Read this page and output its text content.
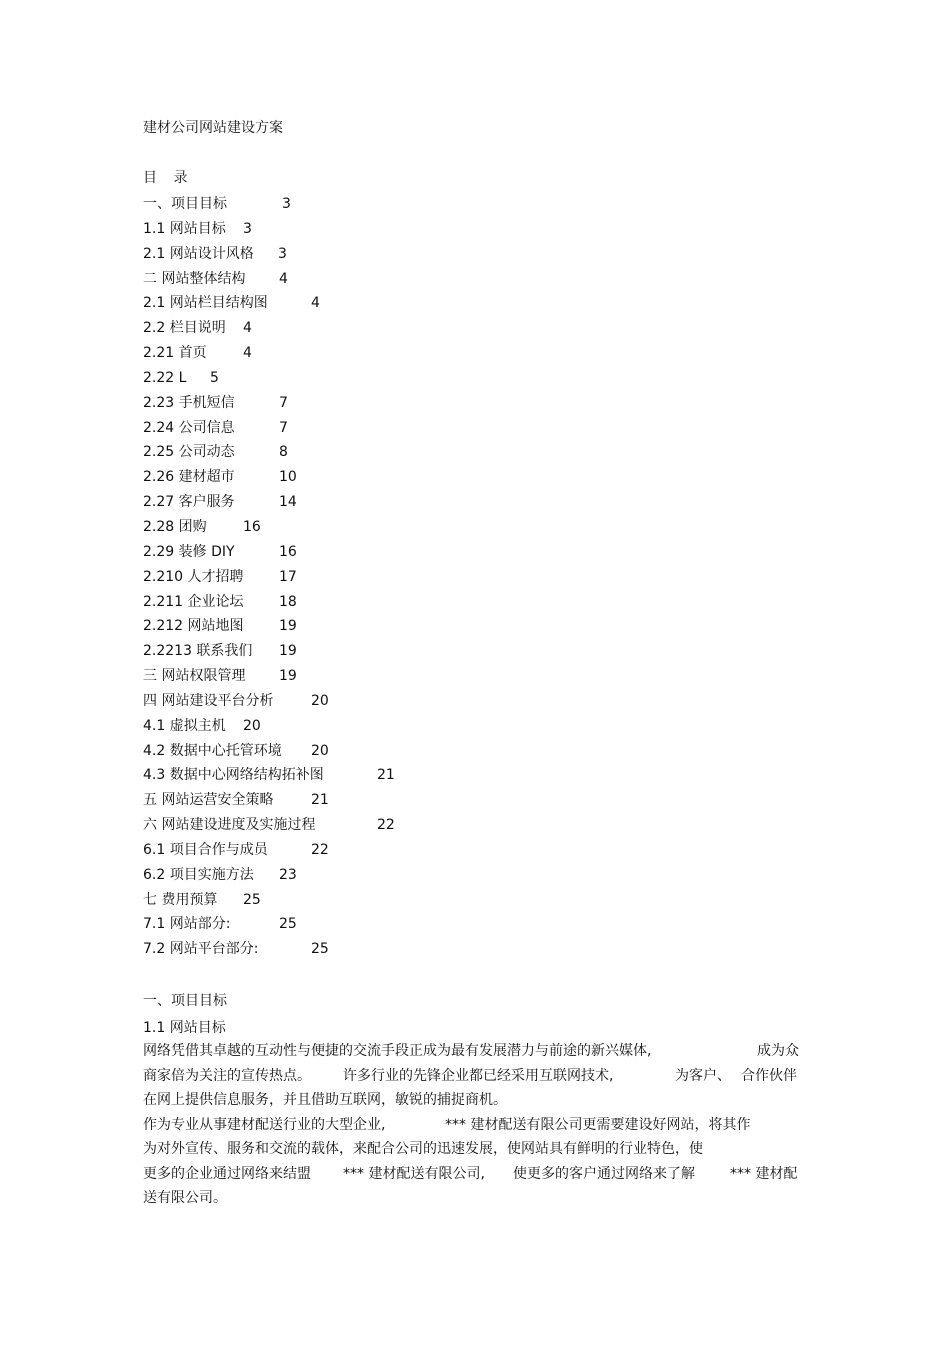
建材公司网站建设方案
目 录
一、项目目标	3
1.1 网站目标 3
2.1 网站设计风格 3
二 网站整体结构 4
2.1 网站栏目结构图	4
2.2 栏目说明 4
2.21 首页	4
2.22 L 5
2.23 手机短信	7
2.24 公司信息	7
2.25 公司动态	8
2.26 建材超市	10
2.27 客户服务	14
2.28 团购	16
2.29 装修 DIY	16
2.210 人才招聘	17
2.211 企业论坛	18
2.212 网站地图	19
2.2213 联系我们 19
三 网站权限管理 19
四 网站建设平台分析	20
4.1 虚拟主机 20
4.2 数据中心托管环境 20
4.3 数据中心网络结构拓补图	21
五 网站运营安全策略	21
六 网站建设进度及实施过程	22
6.1 项目合作与成员	22
6.2 项目实施方法 23
七 费用预算 25
7.1 网站部分:	25
7.2 网站平台部分:	25
一、项目目标
1.1 网站目标
网络凭借其卓越的互动性与便捷的交流手段正成为最有发展潜力与前途的新兴媒体,	成为众
商家倍为关注的宣传热点。 许多行业的先锋企业都已经采用互联网技术,	为客户、 合作伙伴
在网上提供信息服务，并且借助互联网，敏锐的捕捉商机。
作为专业从事建材配送行业的大型企业,	*** 建材配送有限公司更需要建设好网站，将其作
为对外宣传、服务和交流的载体，来配合公司的迅速发展，使网站具有鲜明的行业特色，使
更多的企业通过网络来结盟 *** 建材配送有限公司, 使更多的客户通过网络来了解	*** 建材配
送有限公司。
